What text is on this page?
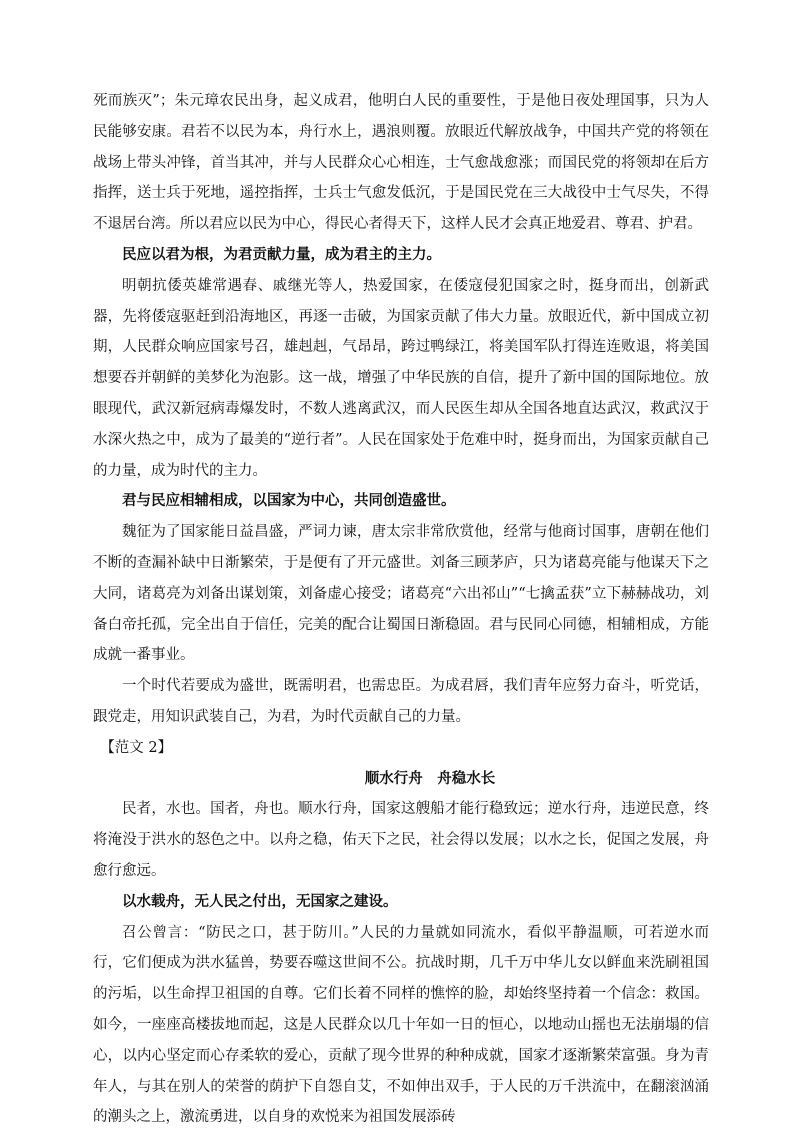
死而族灭”；朱元璋农民出身，起义成君，他明白人民的重要性，于是他日夜处理国事，只为人民能够安康。君若不以民为本，舟行水上，遇浪则覆。放眼近代解放战争，中国共产党的将领在战场上带头冲锋，首当其冲，并与人民群众心心相连，士气愈战愈涨；而国民党的将领却在后方指挥，送士兵于死地，遥控指挥，士兵士气愈发低沉，于是国民党在三大战役中士气尽失，不得不退居台湾。所以君应以民为中心，得民心者得天下，这样人民才会真正地爱君、尊君、护君。

民应以君为根，为君贡献力量，成为君主的主力。

明朝抗倭英雄常遇春、戚继光等人，热爱国家，在倭寇侵犯国家之时，挺身而出，创新武器，先将倭寇驱赶到沿海地区，再逐一击破，为国家贡献了伟大力量。放眼近代，新中国成立初期，人民群众响应国家号召，雄赳赳，气昂昂，跨过鸭绿江，将美国军队打得连连败退，将美国想要吞并朝鲜的美梦化为泡影。这一战，增强了中华民族的自信，提升了新中国的国际地位。放眼现代，武汉新冠病毒爆发时，不数人逃离武汉，而人民医生却从全国各地直达武汉，救武汉于水深火热之中，成为了最美的“逆行者”。人民在国家处于危难中时，挺身而出，为国家贡献自己的力量，成为时代的主力。

君与民应相辅相成，以国家为中心，共同创造盛世。

魏征为了国家能日益昌盛，严词力谏，唐太宗非常欣赏他，经常与他商讨国事，唐朝在他们不断的查漏补缺中日渐繁荣，于是便有了开元盛世。刘备三顾茅庐，只为诸葛亮能与他谋天下之大同，诸葛亮为刘备出谋划策，刘备虚心接受；诸葛亮“六出祁山”“七擒孟获”立下赫赫战功，刘备白帝托孤，完全出自于信任，完美的配合让蜀国日渐稳固。君与民同心同德，相辅相成，方能成就一番事业。

一个时代若要成为盛世，既需明君，也需忠臣。为成君唇，我们青年应努力奋斗，听党话，跟党走，用知识武装自己，为君，为时代贡献自己的力量。

【范文 2】

顺水行舟　舟稳水长

民者，水也。国者，舟也。顺水行舟，国家这艘船才能行稳致远；逆水行舟，违逆民意，终将淹没于洪水的怒色之中。以舟之稳，佑天下之民，社会得以发展；以水之长，促国之发展，舟愈行愈远。

以水载舟，无人民之付出，无国家之建设。

召公曾言：“防民之口，甚于防川。”人民的力量就如同流水，看似平静温顺，可若逆水而行，它们便成为洪水猛兽，势要吞噬这世间不公。抗战时期，几千万中华儿女以鲜血来洗刷祖国的污垢，以生命捍卫祖国的自尊。它们长着不同样的憔悴的脸，却始终坚持着一个信念：救国。如今，一座座高楼拔地而起，这是人民群众以几十年如一日的恒心，以地动山摇也无法崩塌的信心，以内心坚定而心存柔软的爱心，贡献了现今世界的种种成就，国家才逐渐繁荣富强。身为青年人，与其在别人的荣誉的荫护下自怨自艾，不如伸出双手，于人民的万千洪流中，在翻滚汹涌的潮头之上，激流勇进，以自身的欢悦来为祖国发展添砖
